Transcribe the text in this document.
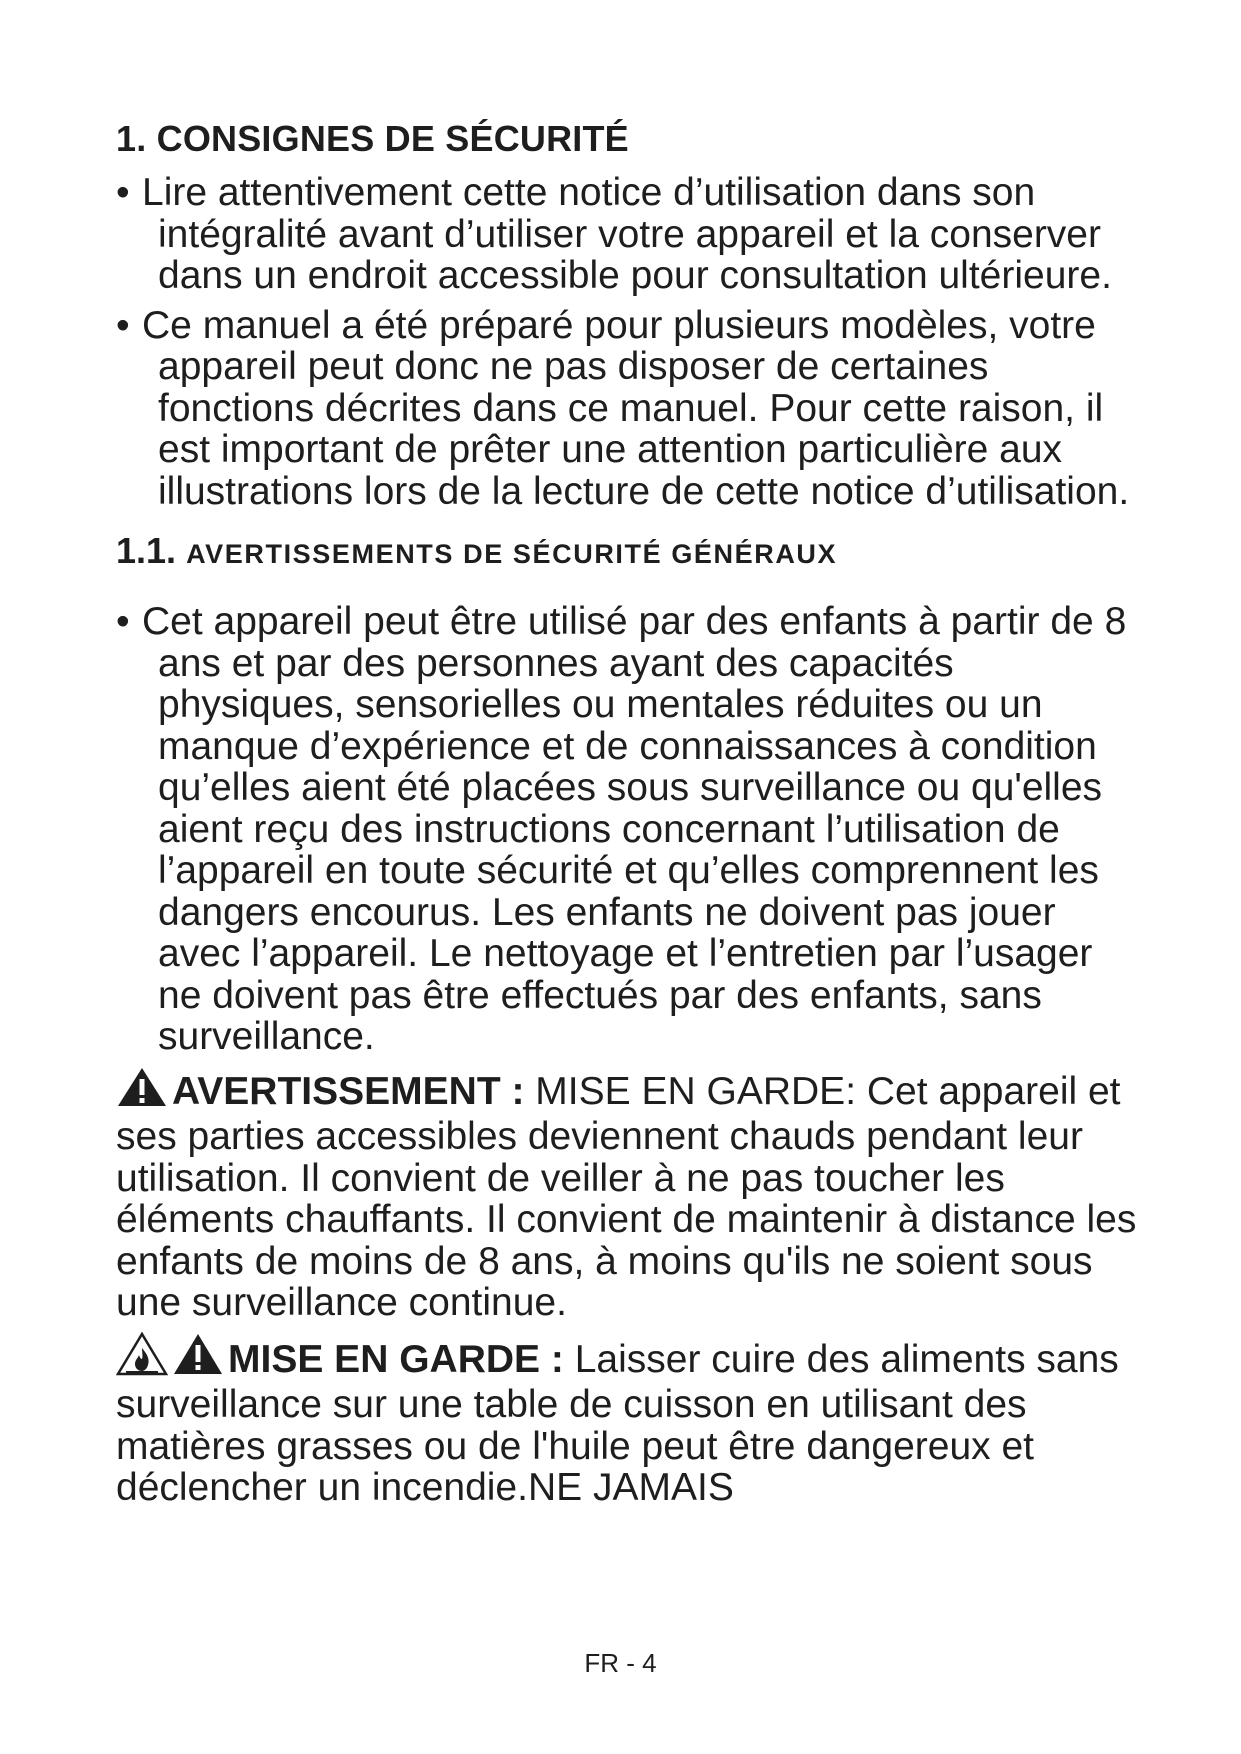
1. CONSIGNES DE SÉCURITÉ
• Lire attentivement cette notice d’utilisation dans son intégralité avant d’utiliser votre appareil et la conserver dans un endroit accessible pour consultation ultérieure.
• Ce manuel a été préparé pour plusieurs modèles, votre appareil peut donc ne pas disposer de certaines fonctions décrites dans ce manuel. Pour cette raison, il est important de prêter une attention particulière aux illustrations lors de la lecture de cette notice d’utilisation.
1.1. AVERTISSEMENTS DE SÉCURITÉ GÉNÉRAUX
• Cet appareil peut être utilisé par des enfants à partir de 8 ans et par des personnes ayant des capacités physiques, sensorielles ou mentales réduites ou un manque d’expérience et de connaissances à condition qu’elles aient été placées sous surveillance ou qu'elles aient reçu des instructions concernant l’utilisation de l’appareil en toute sécurité et qu’elles comprennent les dangers encourus. Les enfants ne doivent pas jouer avec l’appareil. Le nettoyage et l’entretien par l’usager ne doivent pas être effectués par des enfants, sans surveillance.
AVERTISSEMENT : MISE EN GARDE: Cet appareil et ses parties accessibles deviennent chauds pendant leur utilisation. Il convient de veiller à ne pas toucher les éléments chauffants. Il convient de maintenir à distance les enfants de moins de 8 ans, à moins qu'ils ne soient sous une surveillance continue.
MISE EN GARDE : Laisser cuire des aliments sans surveillance sur une table de cuisson en utilisant des matières grasses ou de l'huile peut être dangereux et déclencher un incendie.NE JAMAIS
FR - 4
